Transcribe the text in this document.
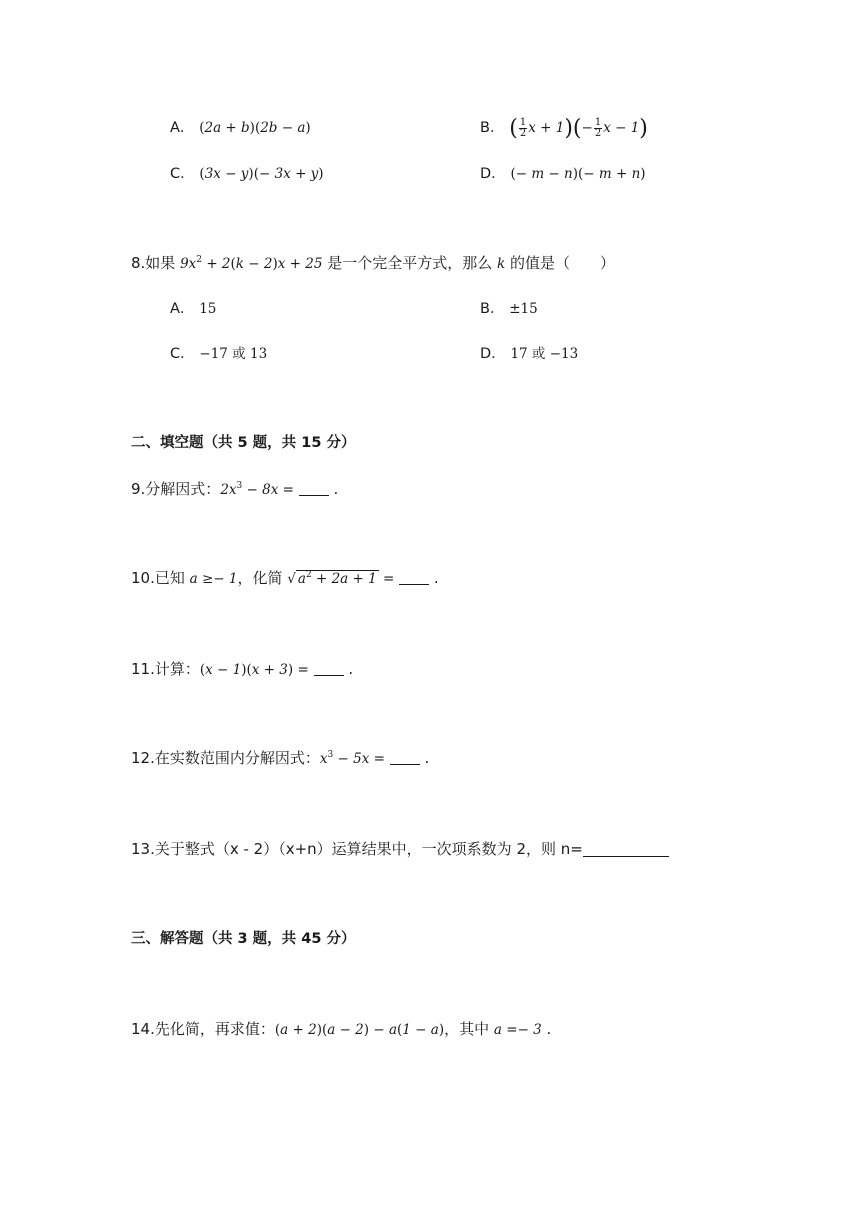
A． (2a + b)(2b − a)	B． ( $\frac{1}{2}$ $x + 1)(- \frac{1}{2}$ x − 1)
C． (3x − y)(− 3x + y)	D． (− m − n)(− m + n)
8.如果 $9x^2 + 2(k - 2)x + 25$ 是一个完全平方式，那么 k 的值是（　　）
A． 15	B． ±15
C． −17 或 13	D． 17 或 −13
二、填空题（共 5 题，共 15 分）
9.分解因式：$2x^3 - 8x$ =	.
10.已知 a ≥− 1，化简 √ $a^2 + 2a + 1$ =	.
11.计算：(x − 1)(x + 3) =	.
12.在实数范围内分解因式：$x^3 - 5x$ =	.
13.关于整式（x - 2）（x+n）运算结果中，一次项系数为 2，则 n=
三、解答题（共 3 题，共 45 分）
14.先化简，再求值：(a + 2)(a − 2) − a(1 − a)，其中 a =− 3 .
